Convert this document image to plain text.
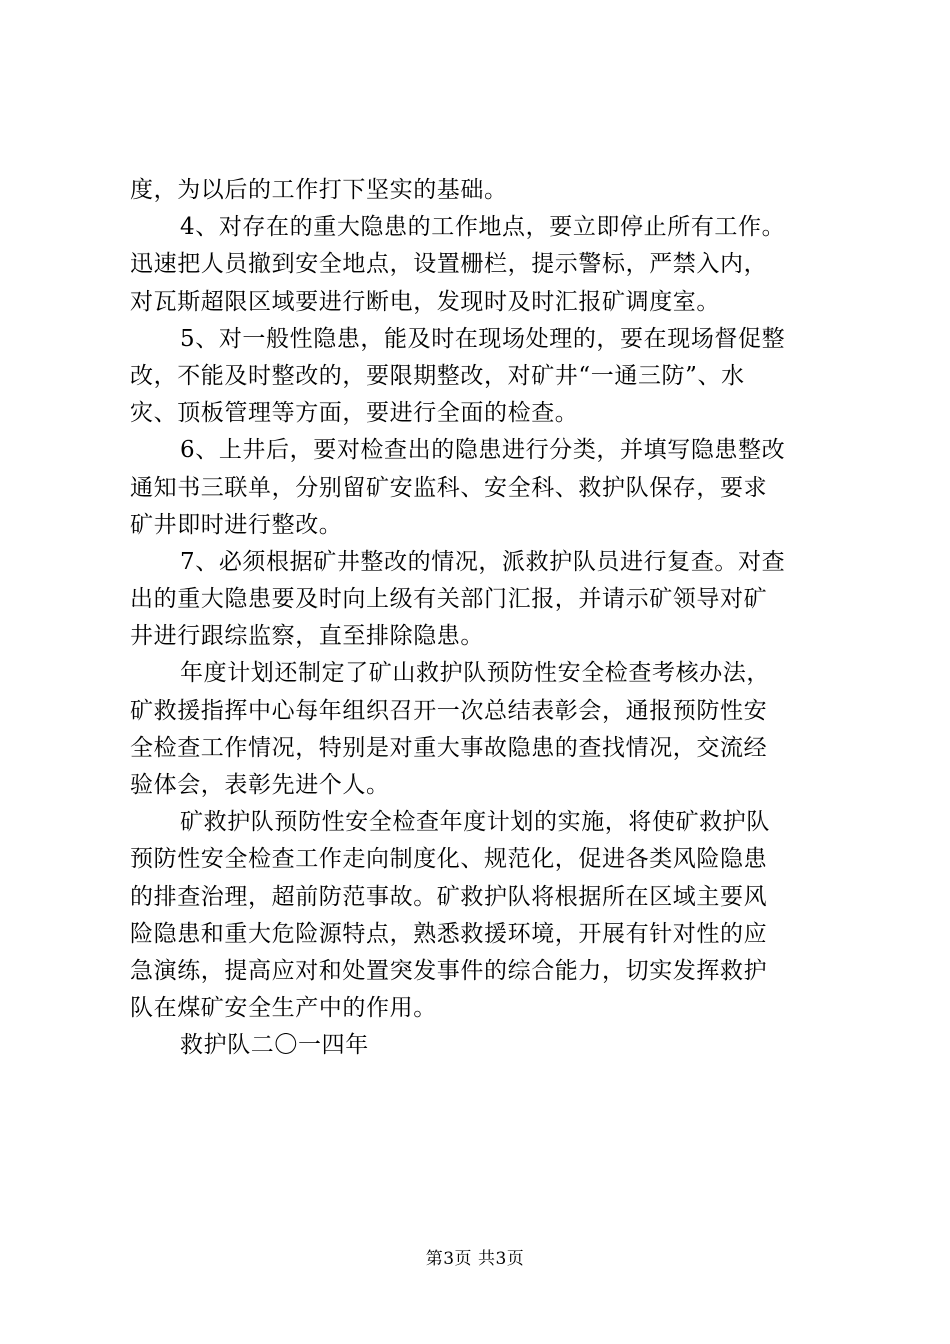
度，为以后的工作打下坚实的基础。
4、对存在的重大隐患的工作地点，要立即停止所有工作。
迅速把人员撤到安全地点，设置栅栏，提示警标，严禁入内，
对瓦斯超限区域要进行断电，发现时及时汇报矿调度室。
5、对一般性隐患，能及时在现场处理的，要在现场督促整
改，不能及时整改的，要限期整改，对矿井“一通三防”、水
灾、顶板管理等方面，要进行全面的检查。
6、上井后，要对检查出的隐患进行分类，并填写隐患整改
通知书三联单，分别留矿安监科、安全科、救护队保存，要求
矿井即时进行整改。
7、必须根据矿井整改的情况，派救护队员进行复查。对查
出的重大隐患要及时向上级有关部门汇报，并请示矿领导对矿
井进行跟综监察，直至排除隐患。
年度计划还制定了矿山救护队预防性安全检查考核办法，
矿救援指挥中心每年组织召开一次总结表彰会，通报预防性安
全检查工作情况，特别是对重大事故隐患的查找情况，交流经
验体会，表彰先进个人。
矿救护队预防性安全检查年度计划的实施，将使矿救护队
预防性安全检查工作走向制度化、规范化，促进各类风险隐患
的排查治理，超前防范事故。矿救护队将根据所在区域主要风
险隐患和重大危险源特点，熟悉救援环境，开展有针对性的应
急演练，提高应对和处置突发事件的综合能力，切实发挥救护
队在煤矿安全生产中的作用。
救护队二〇一四年
第3页 共3页
